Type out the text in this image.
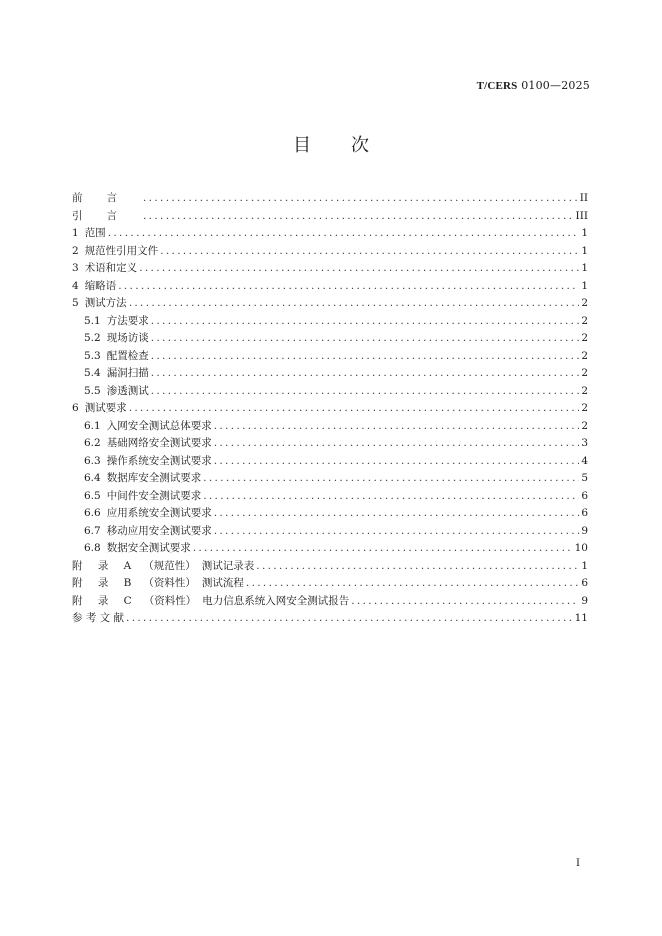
T/CERS 0100—2025
目 次
前言 . . .	II
引言 . . .	III
1 范围 . . .	1
2 规范性引用文件 . . .	1
3 术语和定义 . . .	1
4 缩略语 . . .	1
5 测试方法 . . .	2
5.1 方法要求 . . .	2
5.2 现场访谈 . . .	2
5.3 配置检查 . . .	2
5.4 漏洞扫描 . . .	2
5.5 渗透测试 . . .	2
6 测试要求 . . .	2
6.1 入网安全测试总体要求 . . .	2
6.2 基础网络安全测试要求 . . .	3
6.3 操作系统安全测试要求 . . .	4
6.4 数据库安全测试要求 . . .	5
6.5 中间件安全测试要求 . . .	6
6.6 应用系统安全测试要求 . . .	6
6.7 移动应用安全测试要求 . . .	9
6.8 数据安全测试要求 . . .	10
附 录 A （规范性） 测试记录表 . . .	1
附 录 B （资料性） 测试流程 . . .	6
附 录 C （资料性） 电力信息系统入网安全测试报告 . . .	9
参 考 文 献 . . .	11
I
